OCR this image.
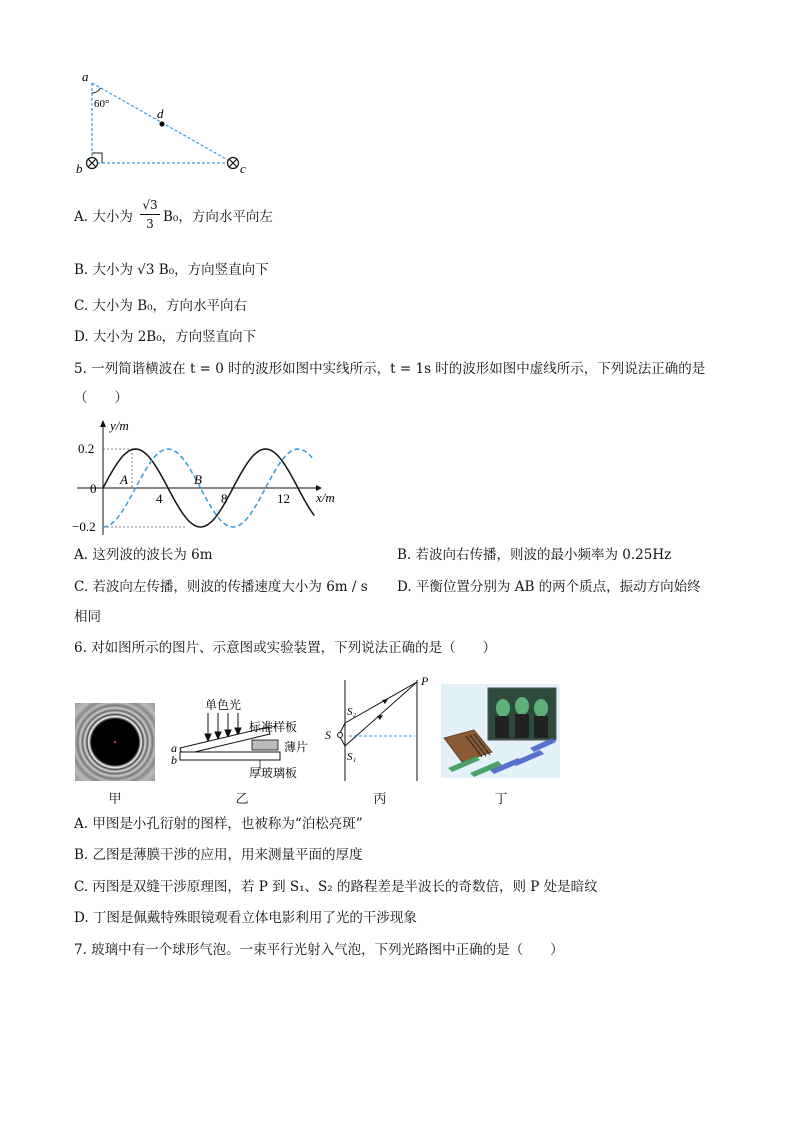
a
b	c
d
60°
A. 大小为
√3
3 B₀，方向水平向左
B. 大小为 √3 B₀，方向竖直向下
C. 大小为 B₀，方向水平向右
D. 大小为 2B₀，方向竖直向下
5. 一列简谐横波在 t = 0 时的波形如图中实线所示，t = 1s 时的波形如图中虚线所示，下列说法正确的是
（　　）
y/m
x/m
0.2
0
−0.2
4	8	12
A	B
A. 这列波的波长为 6m	B. 若波向右传播，则波的最小频率为 0.25Hz
C. 若波向左传播，则波的传播速度大小为 6m / s D. 平衡位置分别为 AB 的两个质点，振动方向始终
相同
6. 对如图所示的图片、示意图或实验装置，下列说法正确的是（　　）
单色光
标准样板
薄片
厚玻璃板
a
b
P
S
S₂
S₁
甲	乙	丙	丁
A. 甲图是小孔衍射的图样，也被称为“泊松亮斑”
B. 乙图是薄膜干涉的应用，用来测量平面的厚度
C. 丙图是双缝干涉原理图，若 P 到 S₁、S₂ 的路程差是半波长的奇数倍，则 P 处是暗纹
D. 丁图是佩戴特殊眼镜观看立体电影利用了光的干涉现象
7. 玻璃中有一个球形气泡。一束平行光射入气泡，下列光路图中正确的是（　　）
